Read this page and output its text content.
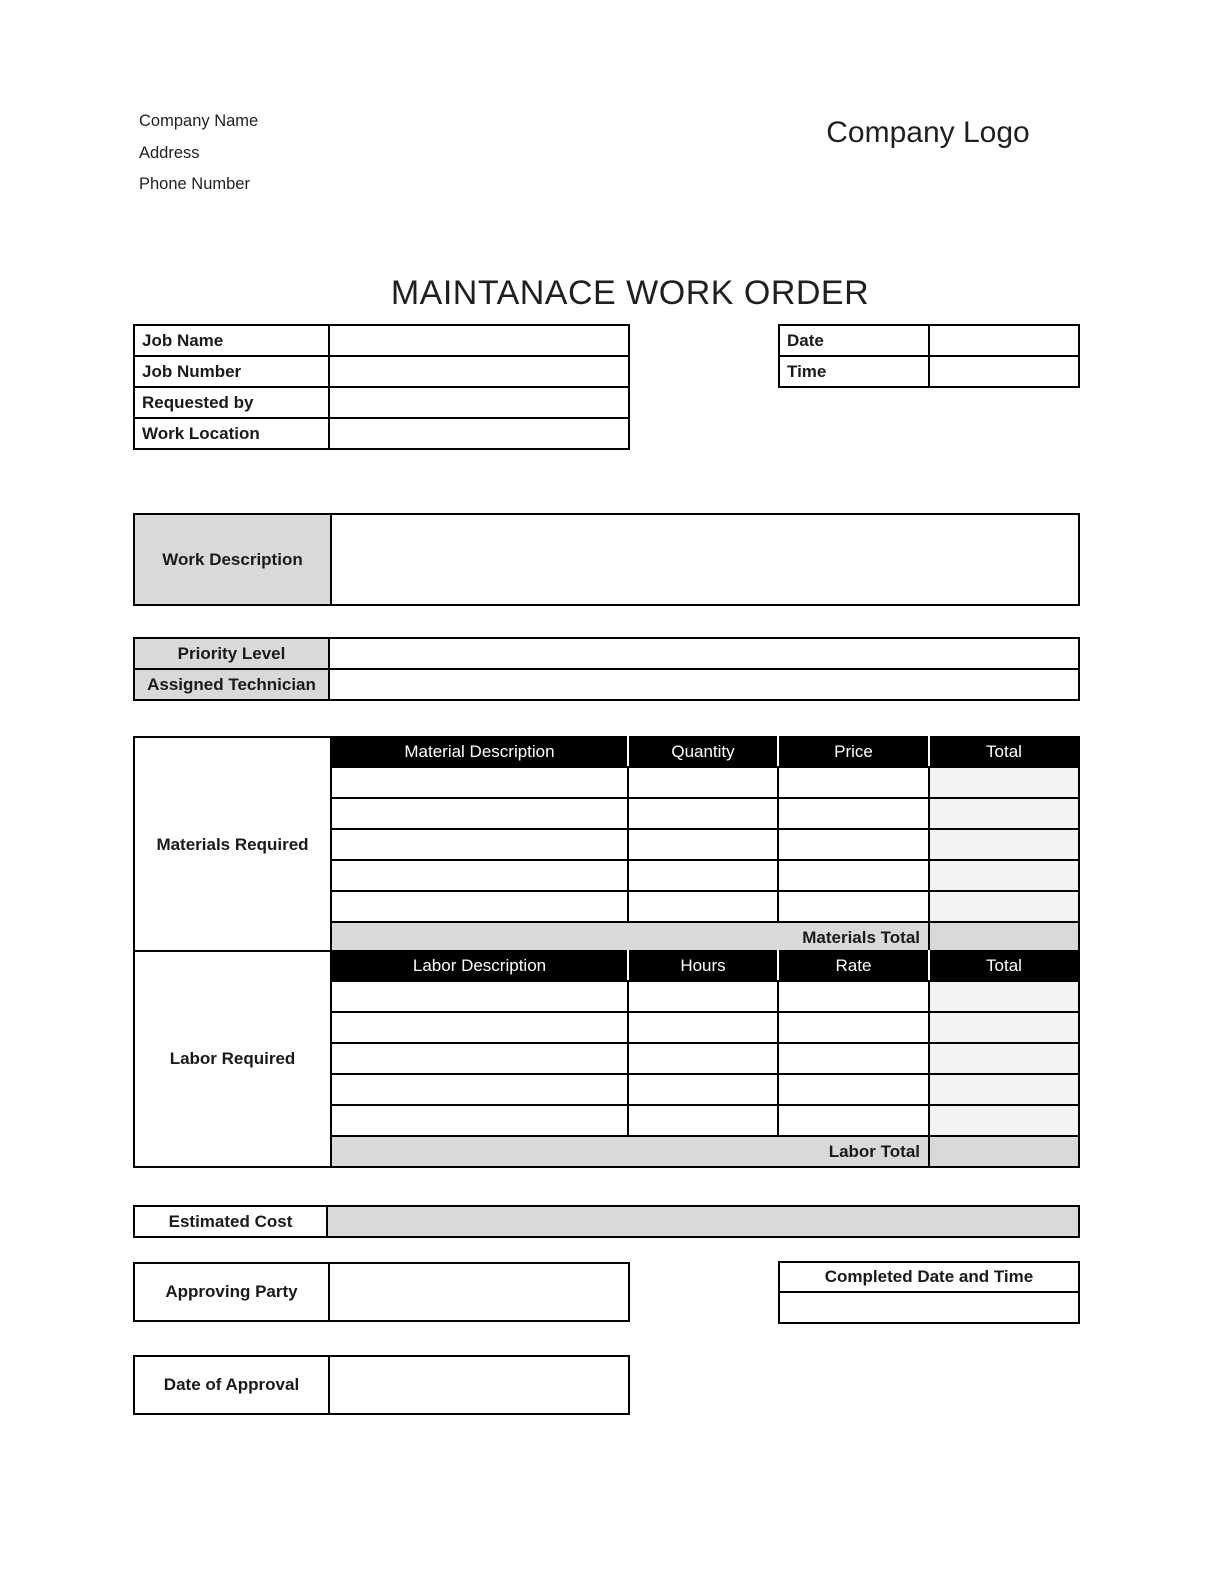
Company Name
Address
Phone Number
Company Logo
MAINTANACE WORK ORDER
Job Name	
Job Number	
Requested by	
Work Location	
Date	
Time	
Work Description	
Priority Level	
Assigned Technician	
Materials Required	Material Description	Quantity	Price	Total

	Materials Total			
Labor Required	Labor Description	Hours	Rate	Total

	Labor Total			
Estimated Cost	
Approving Party	
Completed Date and Time

Date of Approval	
